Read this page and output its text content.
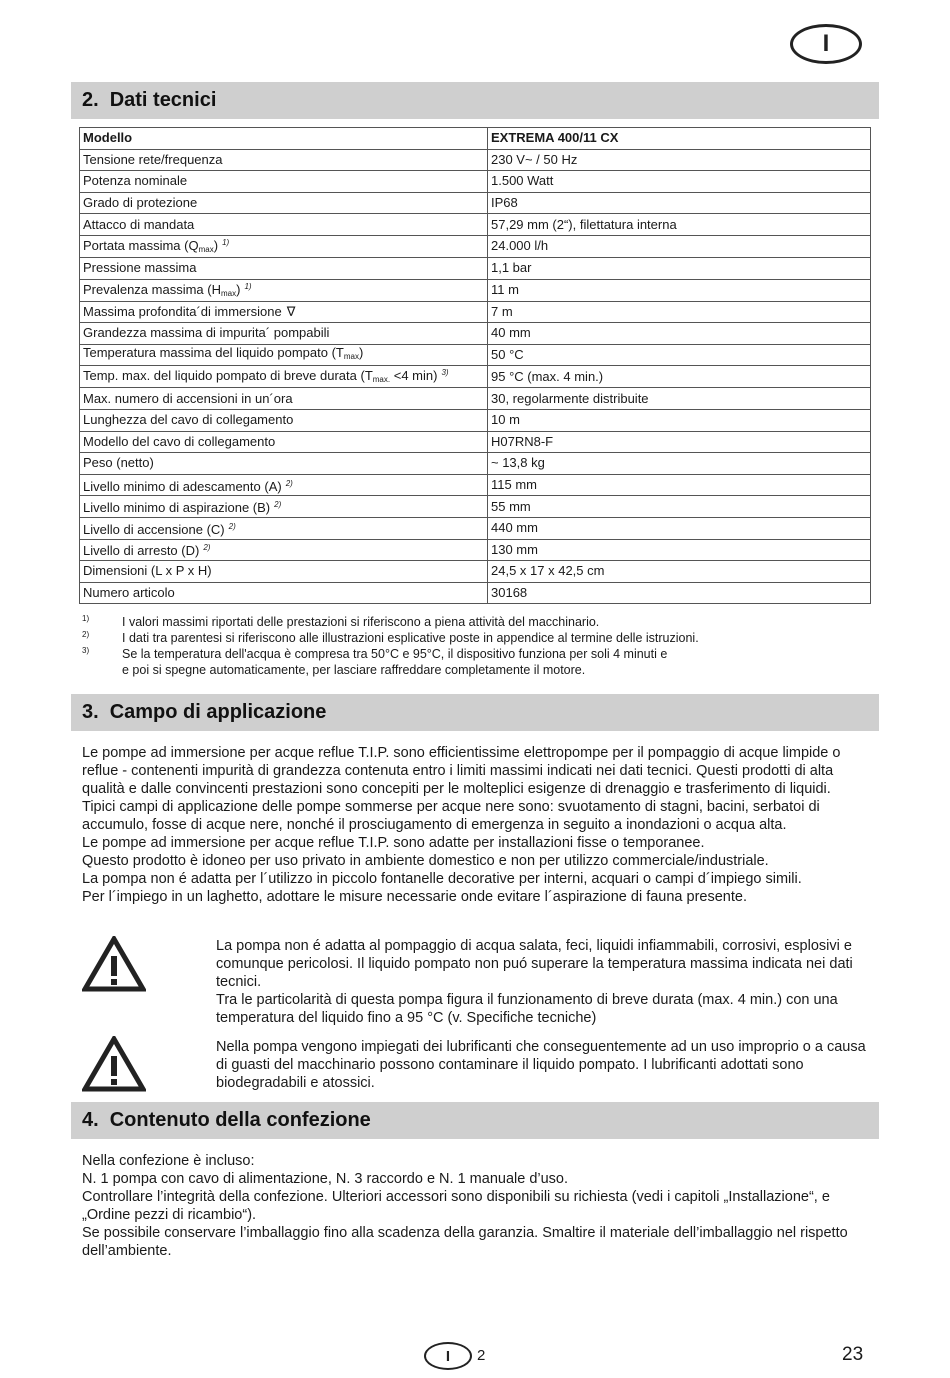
I
2. Dati tecnici
Modello	EXTREMA 400/11 CX
Tensione rete/frequenza	230 V~ / 50 Hz
Potenza nominale	1.500 Watt
Grado di protezione	IP68
Attacco di mandata	57,29 mm (2“), filettatura interna
Portata massima $(Q_{max})$ $^{1)}$	24.000 l/h
Pressione massima	1,1 bar
Prevalenza massima $(H_{max})$ $^{1)}$	11 m
Massima profondita´di immersione ∇	7 m
Grandezza massima di impurita´ pompabili	40 mm
Temperatura massima del liquido pompato $(T_{max})$	50 °C
Temp. max. del liquido pompato di breve durata ($T_{max.} <4$ min) $^{3)}$	95 °C (max. 4 min.)
Max. numero di accensioni in un´ora	30, regolarmente distribuite
Lunghezza del cavo di collegamento	10 m
Modello del cavo di collegamento	H07RN8-F
Peso (netto)	~ 13,8 kg
Livello minimo di adescamento (A) $^{2)}$	115 mm
Livello minimo di aspirazione (B) $^{2)}$	55 mm
Livello di accensione (C) $^{2)}$	440 mm
Livello di arresto (D) $^{2)}$	130 mm
Dimensioni (L x P x H)	24,5 x 17 x 42,5 cm
Numero articolo	30168
1)	I valori massimi riportati delle prestazioni si riferiscono a piena attività del macchinario.
2)	I dati tra parentesi si riferiscono alle illustrazioni esplicative poste in appendice al termine delle istruzioni.
3)	Se la temperatura dell'acqua è compresa tra 50°C e 95°C, il dispositivo funziona per soli 4 minuti e
e poi si spegne automaticamente, per lasciare raffreddare completamente il motore.
3. Campo di applicazione

Le pompe ad immersione per acque reflue T.I.P. sono efficientissime elettropompe per il pompaggio di acque limpide o reflue - contenenti impurità di grandezza contenuta entro i limiti massimi indicati nei dati tecnici. Questi prodotti di alta qualità e dalle convincenti prestazioni sono concepiti per le molteplici esigenze di drenaggio e trasferimento di liquidi.

Tipici campi di applicazione delle pompe sommerse per acque nere sono: svuotamento di stagni, bacini, serbatoi di accumulo, fosse di acque nere, nonché il prosciugamento di emergenza in seguito a inondazioni o acqua alta.

Le pompe ad immersione per acque reflue T.I.P. sono adatte per installazioni fisse o temporanee.

Questo prodotto è idoneo per uso privato in ambiente domestico e non per utilizzo commerciale/industriale.

La pompa non é adatta per l´utilizzo in piccolo fontanelle decorative per interni, acquari o campi d´impiego simili.

Per l´impiego in un laghetto, adottare le misure necessarie onde evitare l´aspirazione di fauna presente.

La pompa non é adatta al pompaggio di acqua salata, feci, liquidi infiammabili, corrosivi, esplosivi e comunque pericolosi. Il liquido pompato non puó superare la temperatura massima indicata nei dati tecnici.

Tra le particolarità di questa pompa figura il funzionamento di breve durata (max. 4 min.) con una temperatura del liquido fino a 95 °C (v. Specifiche tecniche)

Nella pompa vengono impiegati dei lubrificanti che conseguentemente ad un uso improprio o a causa di guasti del macchinario possono contaminare il liquido pompato. I lubrificanti adottati sono biodegradabili e atossici.

4. Contenuto della confezione

Nella confezione è incluso:

N. 1 pompa con cavo di alimentazione, N. 3 raccordo e N. 1 manuale d’uso.

Controllare l’integrità della confezione. Ulteriori accessori sono disponibili su richiesta (vedi i capitoli „Installazione“, e „Ordine pezzi di ricambio“).

Se possibile conservare l’imballaggio fino alla scadenza della garanzia. Smaltire il materiale dell’imballaggio nel rispetto dell’ambiente.

I 2	23
